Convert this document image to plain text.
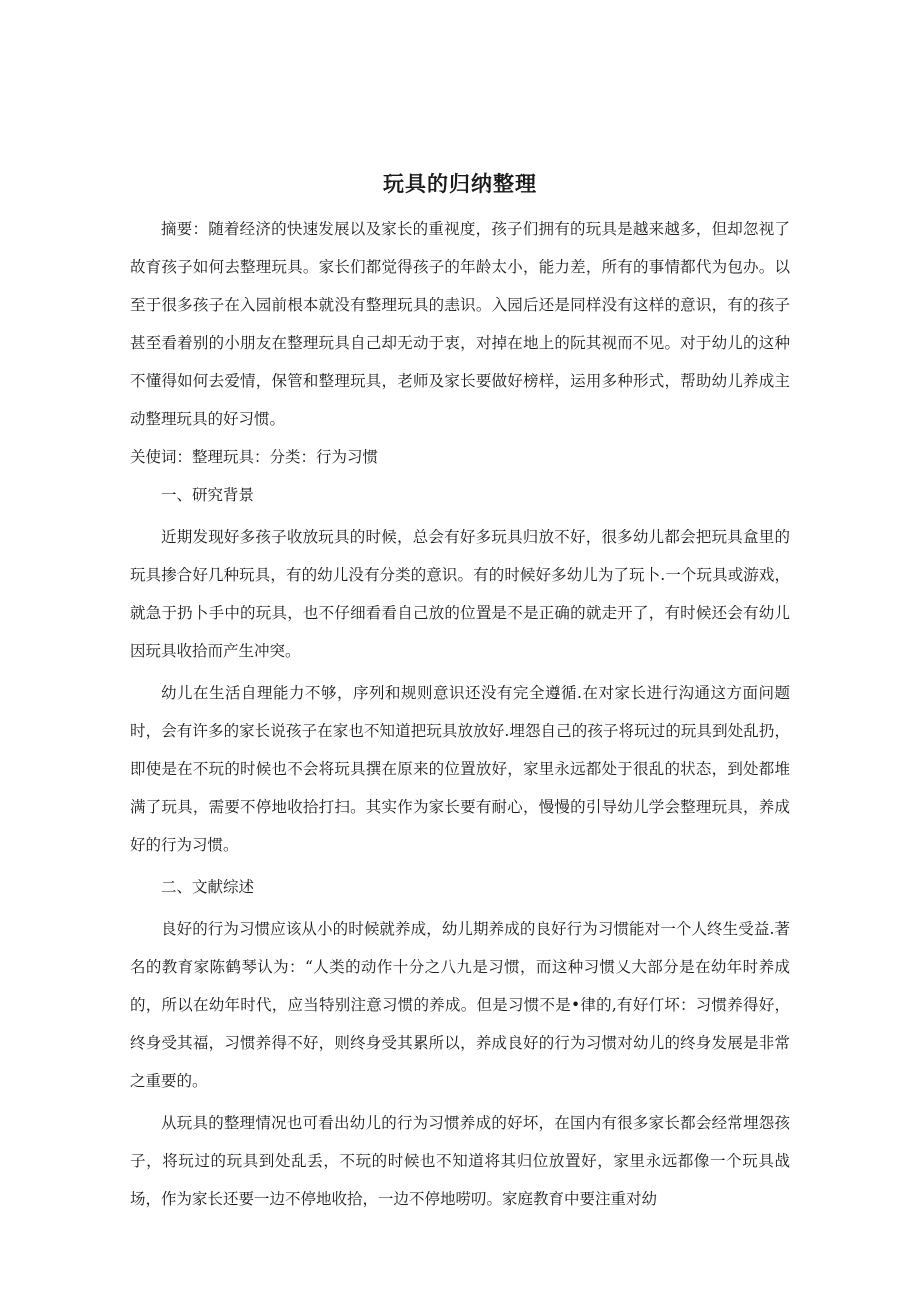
玩具的归纳整理

摘要：随着经济的快速发展以及家长的重视度，孩子们拥有的玩具是越来越多，但却忽视了故育孩子如何去整理玩具。家长们都觉得孩子的年龄太小，能力差，所有的事情都代为包办。以至于很多孩子在入园前根本就没有整理玩具的恚识。入园后还是同样没有这样的意识，有的孩子甚至看着别的小朋友在整理玩具自己却无动于衷，对掉在地上的阮其视而不见。对于幼儿的这种不懂得如何去爱情，保管和整理玩具，老师及家长要做好榜样，运用多种形式，帮助幼儿养成主动整理玩具的好习惯。

关使词：整理玩具：分类：行为习惯

一、研究背景

近期发现好多孩子收放玩具的时候，总会有好多玩具归放不好，很多幼儿都会把玩具盒里的玩具掺合好几种玩具，有的幼儿没有分类的意识。有的时候好多幼儿为了玩卜.一个玩具或游戏，就急于扔卜手中的玩具，也不仔细看看自己放的位置是不是正确的就走开了，有时候还会有幼儿因玩具收拾而产生冲突。

幼儿在生活自理能力不够，序列和规则意识还没有完全遵循.在对家长进行沟通这方面问题时，会有许多的家长说孩子在家也不知道把玩具放放好.埋怨自己的孩子将玩过的玩具到处乱扔，即使是在不玩的时候也不会将玩具撰在原来的位置放好，家里永远都处于很乱的状态，到处都堆满了玩具，需要不停地收拾打扫。其实作为家长要有耐心，慢慢的引导幼儿学会整理玩具，养成好的行为习惯。

二、文献综述

良好的行为习惯应该从小的时候就养成，幼儿期养成的良好行为习惯能对一个人终生受益.著名的教育家陈鹤琴认为：“人类的动作十分之八九是习惯，而这种习惯乂大部分是在幼年时养成的，所以在幼年时代，应当特别注意习惯的养成。但是习惯不是•律的,有好仃坏：习惯养得好，终身受其福，习惯养得不好，则终身受其累所以，养成良好的行为习惯对幼儿的终身发展是非常之重要的。

从玩具的整理情况也可看出幼儿的行为习惯养成的好坏，在国内有很多家长都会经常埋怨孩子，将玩过的玩具到处乱丢，不玩的时候也不知道将其归位放置好，家里永远都像一个玩具战场，作为家长还要一边不停地收拾，一边不停地唠叨。家庭教育中要注重对幼
